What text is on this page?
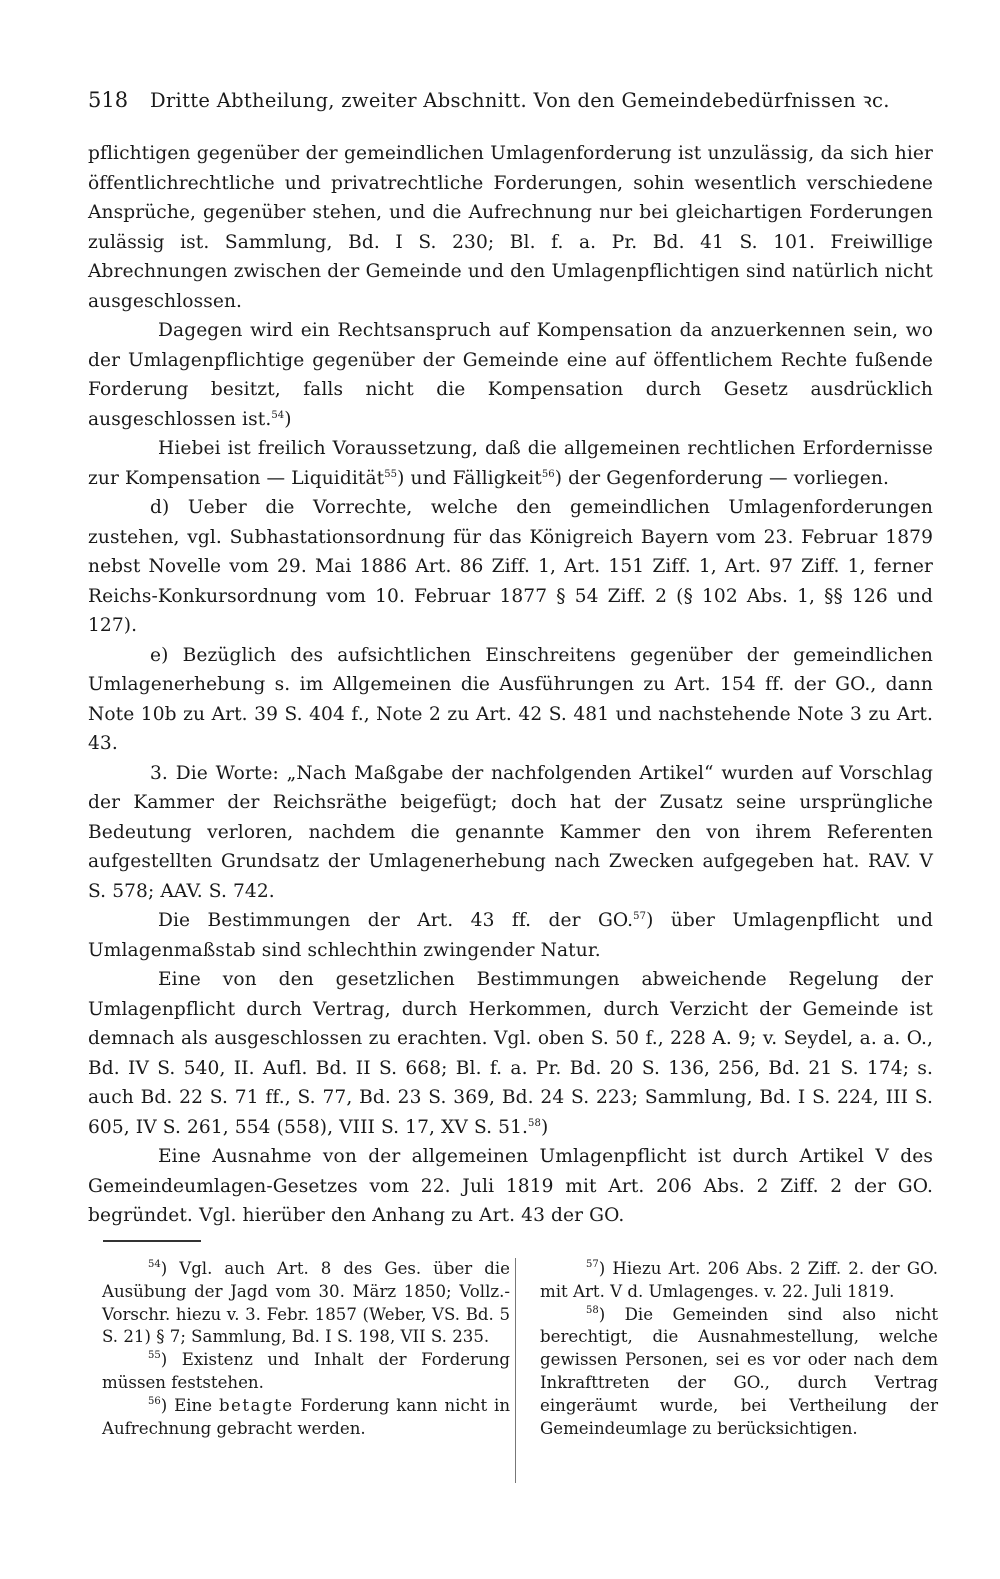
518	Dritte Abtheilung, zweiter Abschnitt. Von den Gemeindebedürfnissen ꝛc.

pflichtigen gegenüber der gemeindlichen Umlagenforderung ist unzulässig, da sich hier öffentlichrechtliche und privatrechtliche Forderungen, sohin wesentlich verschiedene Ansprüche, gegenüber stehen, und die Aufrechnung nur bei gleichartigen Forderungen zulässig ist. Sammlung, Bd. I S. 230; Bl. f. a. Pr. Bd. 41 S. 101. Freiwillige Abrechnungen zwischen der Gemeinde und den Umlagenpflichtigen sind natürlich nicht ausgeschlossen.

Dagegen wird ein Rechtsanspruch auf Kompensation da anzuerkennen sein, wo der Umlagenpflichtige gegenüber der Gemeinde eine auf öffentlichem Rechte fußende Forderung besitzt, falls nicht die Kompensation durch Gesetz ausdrücklich ausgeschlossen ist.$^{54}$)

Hiebei ist freilich Voraussetzung, daß die allgemeinen rechtlichen Erfordernisse zur Kompensation — Liquidität$^{55}$) und Fälligkeit$^{56}$) der Gegenforderung — vorliegen.

d) Ueber die Vorrechte, welche den gemeindlichen Umlagenforderungen zustehen, vgl. Subhastationsordnung für das Königreich Bayern vom 23. Februar 1879 nebst Novelle vom 29. Mai 1886 Art. 86 Ziff. 1, Art. 151 Ziff. 1, Art. 97 Ziff. 1, ferner Reichs-Konkursordnung vom 10. Februar 1877 § 54 Ziff. 2 (§ 102 Abs. 1, §§ 126 und 127).

e) Bezüglich des aufsichtlichen Einschreitens gegenüber der gemeindlichen Umlagenerhebung s. im Allgemeinen die Ausführungen zu Art. 154 ff. der GO., dann Note 10b zu Art. 39 S. 404 f., Note 2 zu Art. 42 S. 481 und nachstehende Note 3 zu Art. 43.

3. Die Worte: „Nach Maßgabe der nachfolgenden Artikel“ wurden auf Vorschlag der Kammer der Reichsräthe beigefügt; doch hat der Zusatz seine ursprüngliche Bedeutung verloren, nachdem die genannte Kammer den von ihrem Referenten aufgestellten Grundsatz der Umlagenerhebung nach Zwecken aufgegeben hat. RAV. V S. 578; AAV. S. 742.

Die Bestimmungen der Art. 43 ff. der GO.$^{57}$) über Umlagenpflicht und Umlagenmaßstab sind schlechthin zwingender Natur.

Eine von den gesetzlichen Bestimmungen abweichende Regelung der Umlagenpflicht durch Vertrag, durch Herkommen, durch Verzicht der Gemeinde ist demnach als ausgeschlossen zu erachten. Vgl. oben S. 50 f., 228 A. 9; v. Seydel, a. a. O., Bd. IV S. 540, II. Aufl. Bd. II S. 668; Bl. f. a. Pr. Bd. 20 S. 136, 256, Bd. 21 S. 174; s. auch Bd. 22 S. 71 ff., S. 77, Bd. 23 S. 369, Bd. 24 S. 223; Sammlung, Bd. I S. 224, III S. 605, IV S. 261, 554 (558), VIII S. 17, XV S. 51.58)

Eine Ausnahme von der allgemeinen Umlagenpflicht ist durch Artikel V des Gemeindeumlagen-Gesetzes vom 22. Juli 1819 mit Art. 206 Abs. 2 Ziff. 2 der GO. begründet. Vgl. hierüber den Anhang zu Art. 43 der GO.

$^{54}$) Vgl. auch Art. 8 des Ges. über die Ausübung der Jagd vom 30. März 1850; Vollz.-Vorschr. hiezu v. 3. Febr. 1857 (Weber, VS. Bd. 5 S. 21) § 7; Sammlung, Bd. I S. 198, VII S. 235.

$^{55}$) Existenz und Inhalt der Forderung müssen feststehen.

$^{56}$) Eine betagte Forderung kann nicht in Aufrechnung gebracht werden.

$^{57}$) Hiezu Art. 206 Abs. 2 Ziff. 2. der GO. mit Art. V d. Umlagenges. v. 22. Juli 1819.

$^{58}$) Die Gemeinden sind also nicht berechtigt, die Ausnahmestellung, welche gewissen Personen, sei es vor oder nach dem Inkrafttreten der GO., durch Vertrag eingeräumt wurde, bei Vertheilung der Gemeindeumlage zu berücksichtigen.
